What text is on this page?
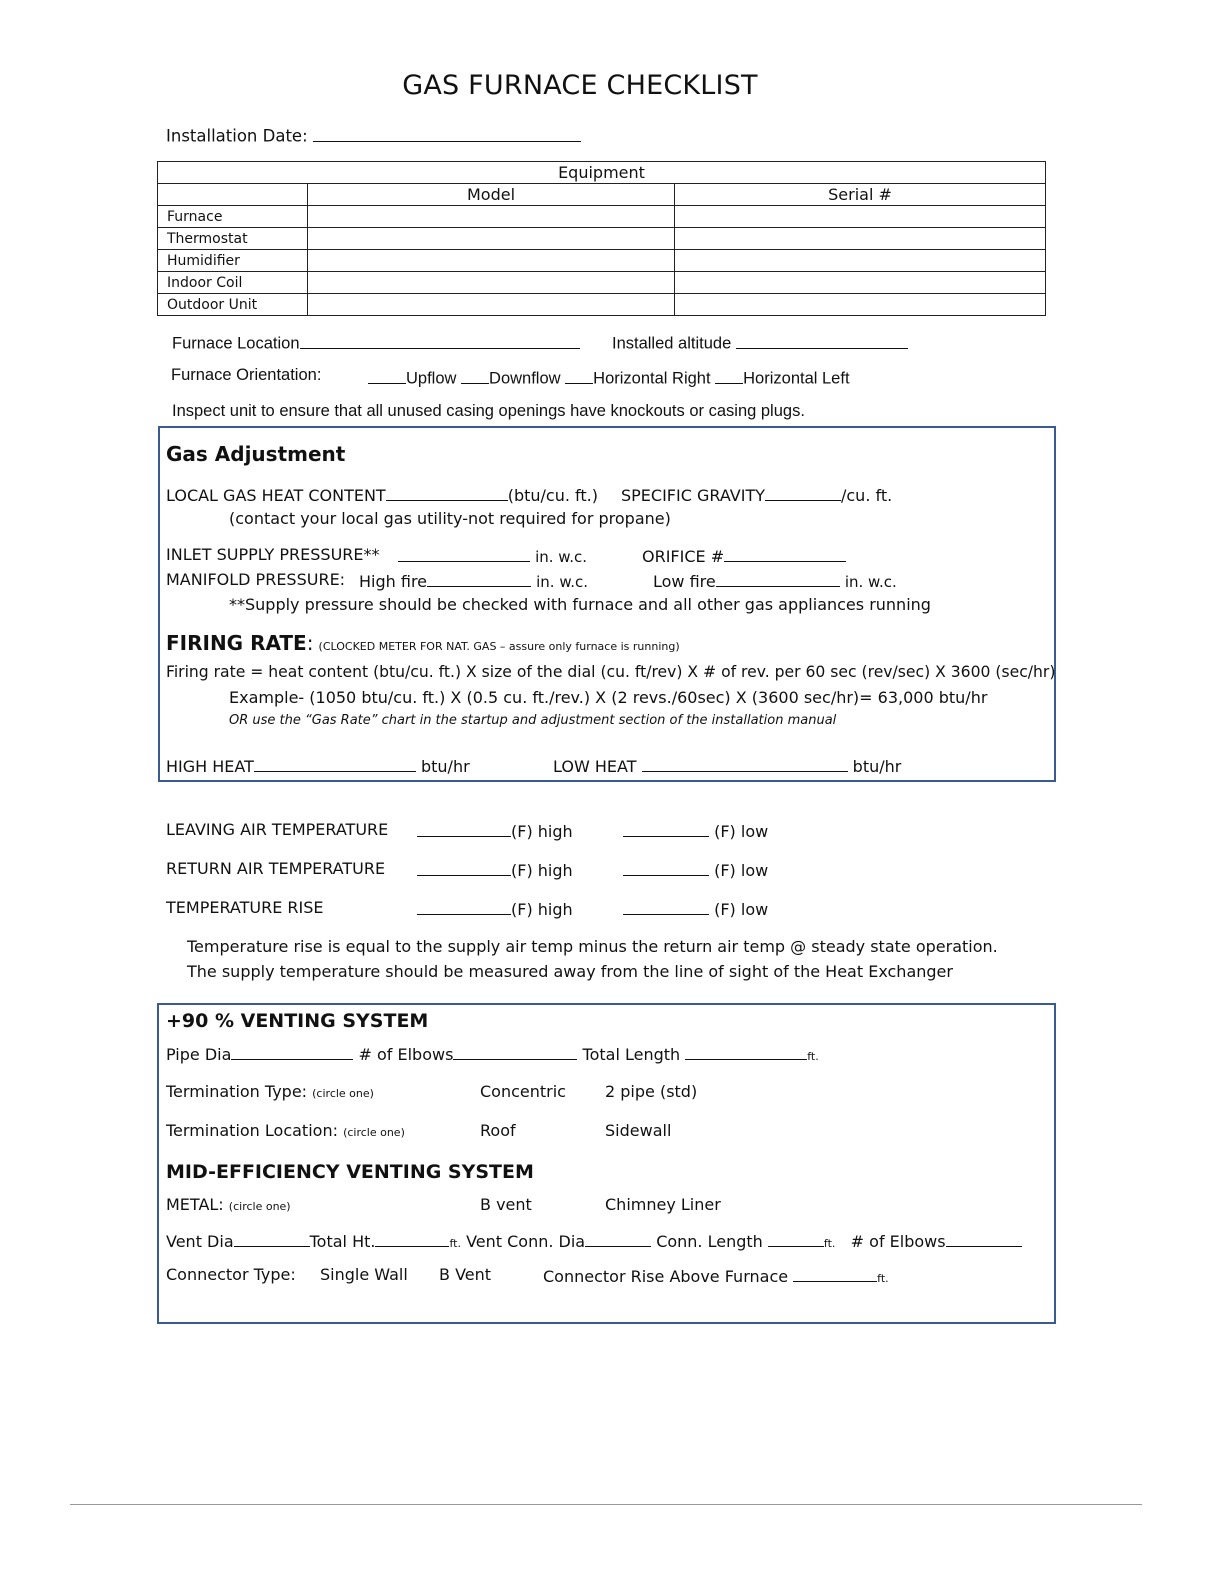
GAS FURNACE CHECKLIST
Installation Date:
Equipment		
	Model	Serial #
Furnace		
Thermostat		
Humidifier		
Indoor Coil		
Outdoor Unit		
Furnace Location	Installed altitude
Furnace Orientation:	Upflow Downflow Horizontal Right Horizontal Left
Inspect unit to ensure that all unused casing openings have knockouts or casing plugs.
Gas Adjustment
LOCAL GAS HEAT CONTENT	(btu/cu. ft.) SPECIFIC GRAVITY	/cu. ft.
(contact your local gas utility-not required for propane)
INLET SUPPLY PRESSURE**	in. w.c.	ORIFICE #
MANIFOLD PRESSURE: High fire	in. w.c.	Low fire	in. w.c.
**Supply pressure should be checked with furnace and all other gas appliances running
FIRING RATE: (CLOCKED METER FOR NAT. GAS – assure only furnace is running)
Firing rate = heat content (btu/cu. ft.) X size of the dial (cu. ft/rev) X # of rev. per 60 sec (rev/sec) X 3600 (sec/hr)
Example- (1050 btu/cu. ft.) X (0.5 cu. ft./rev.) X (2 revs./60sec) X (3600 sec/hr)= 63,000 btu/hr
OR use the “Gas Rate” chart in the startup and adjustment section of the installation manual
HIGH HEAT	btu/hr	LOW HEAT	btu/hr
LEAVING AIR TEMPERATURE	(F) high	(F) low
RETURN AIR TEMPERATURE	(F) high	(F) low
TEMPERATURE RISE	(F) high	(F) low
Temperature rise is equal to the supply air temp minus the return air temp @ steady state operation.
The supply temperature should be measured away from the line of sight of the Heat Exchanger
+90 % VENTING SYSTEM
Pipe Dia	# of Elbows	Total Length	ft.
Termination Type: (circle one)	Concentric 2 pipe (std)
Termination Location: (circle one)	Roof	Sidewall
MID-EFFICIENCY VENTING SYSTEM
METAL: (circle one)	B vent	Chimney Liner
Vent Dia	Total Ht.	ft. Vent Conn. Dia	Conn. Length	ft. # of Elbows
Connector Type: Single Wall B Vent	Connector Rise Above Furnace	ft.
